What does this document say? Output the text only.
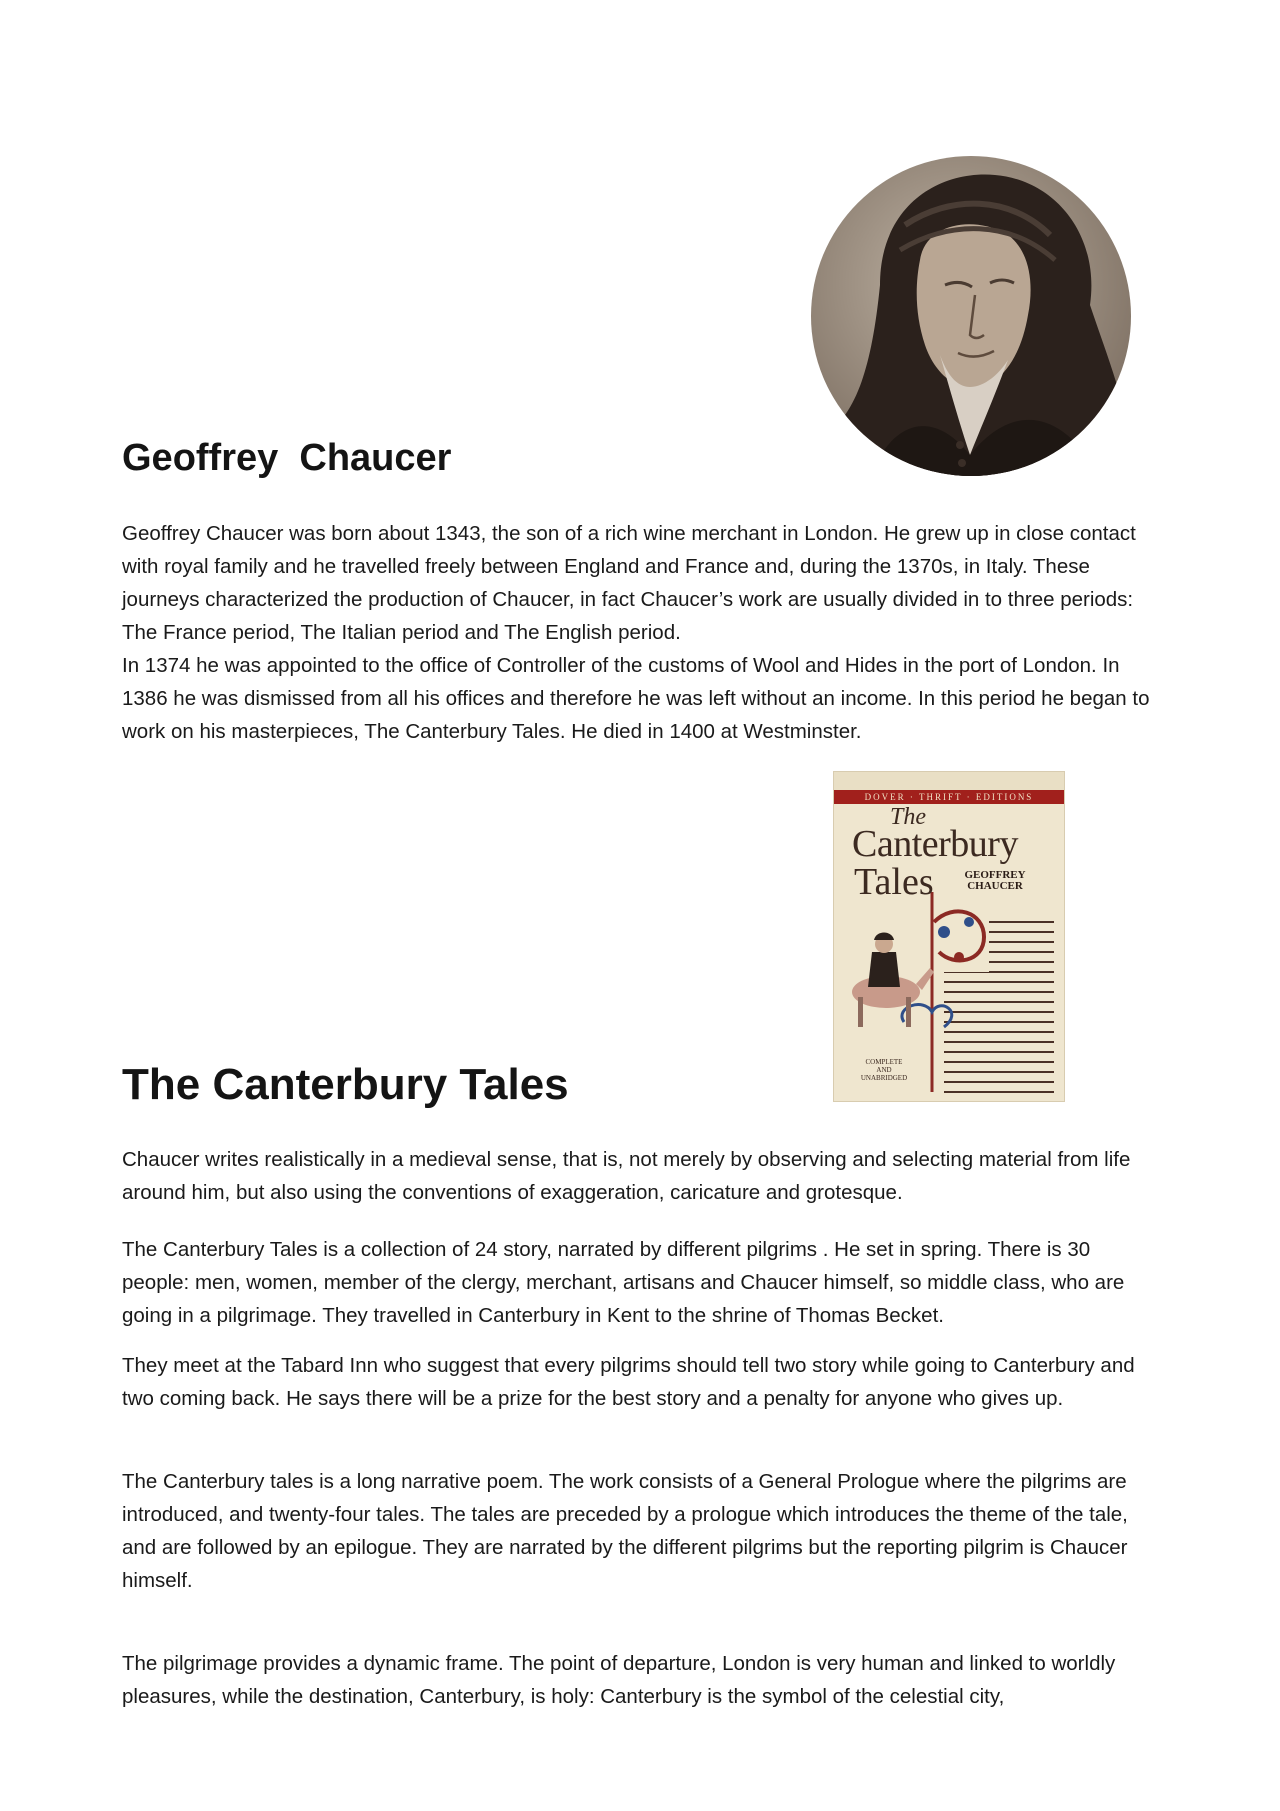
Geoffrey  Chaucer

Geoffrey Chaucer was born about 1343, the son of a rich wine merchant in London. He grew up in close contact with royal family and he travelled freely between England and France and, during the 1370s, in Italy. These journeys characterized the production of Chaucer, in fact Chaucer’s work are usually divided in to three periods: The France period, The Italian period and The English period.

In 1374 he was appointed to the office of Controller of the customs of Wool and Hides in the port of London. In 1386 he was dismissed from all his offices and therefore he was left without an income. In this period he began to work on his masterpieces, The Canterbury Tales. He died in 1400 at Westminster.

DOVER · THRIFT · EDITIONS
The
Canterbury
Tales	GEOFFREY
CHAUCER
COMPLETE
AND
UNABRIDGED
The Canterbury Tales

Chaucer writes realistically in a medieval sense, that is, not merely by observing and selecting material from life around him, but also using the conventions of exaggeration, caricature and grotesque.

The Canterbury Tales is a collection of 24 story, narrated by different pilgrims . He set in spring. There is 30 people: men, women, member of the clergy, merchant, artisans and Chaucer himself, so middle class, who are going in a pilgrimage. They travelled in Canterbury in Kent to the shrine of Thomas Becket.

They meet at the Tabard Inn who suggest that every pilgrims should tell two story while going to Canterbury and two coming back. He says there will be a prize for the best story and a penalty for anyone who gives up.

The Canterbury tales is a long narrative poem. The work consists of a General Prologue where the pilgrims are introduced, and twenty-four tales. The tales are preceded by a prologue which introduces the theme of the tale, and are followed by an epilogue. They are narrated by the different pilgrims but the reporting pilgrim is Chaucer himself.

The pilgrimage provides a dynamic frame. The point of departure, London is very human and linked to worldly pleasures, while the destination, Canterbury, is holy: Canterbury is the symbol of the celestial city,
